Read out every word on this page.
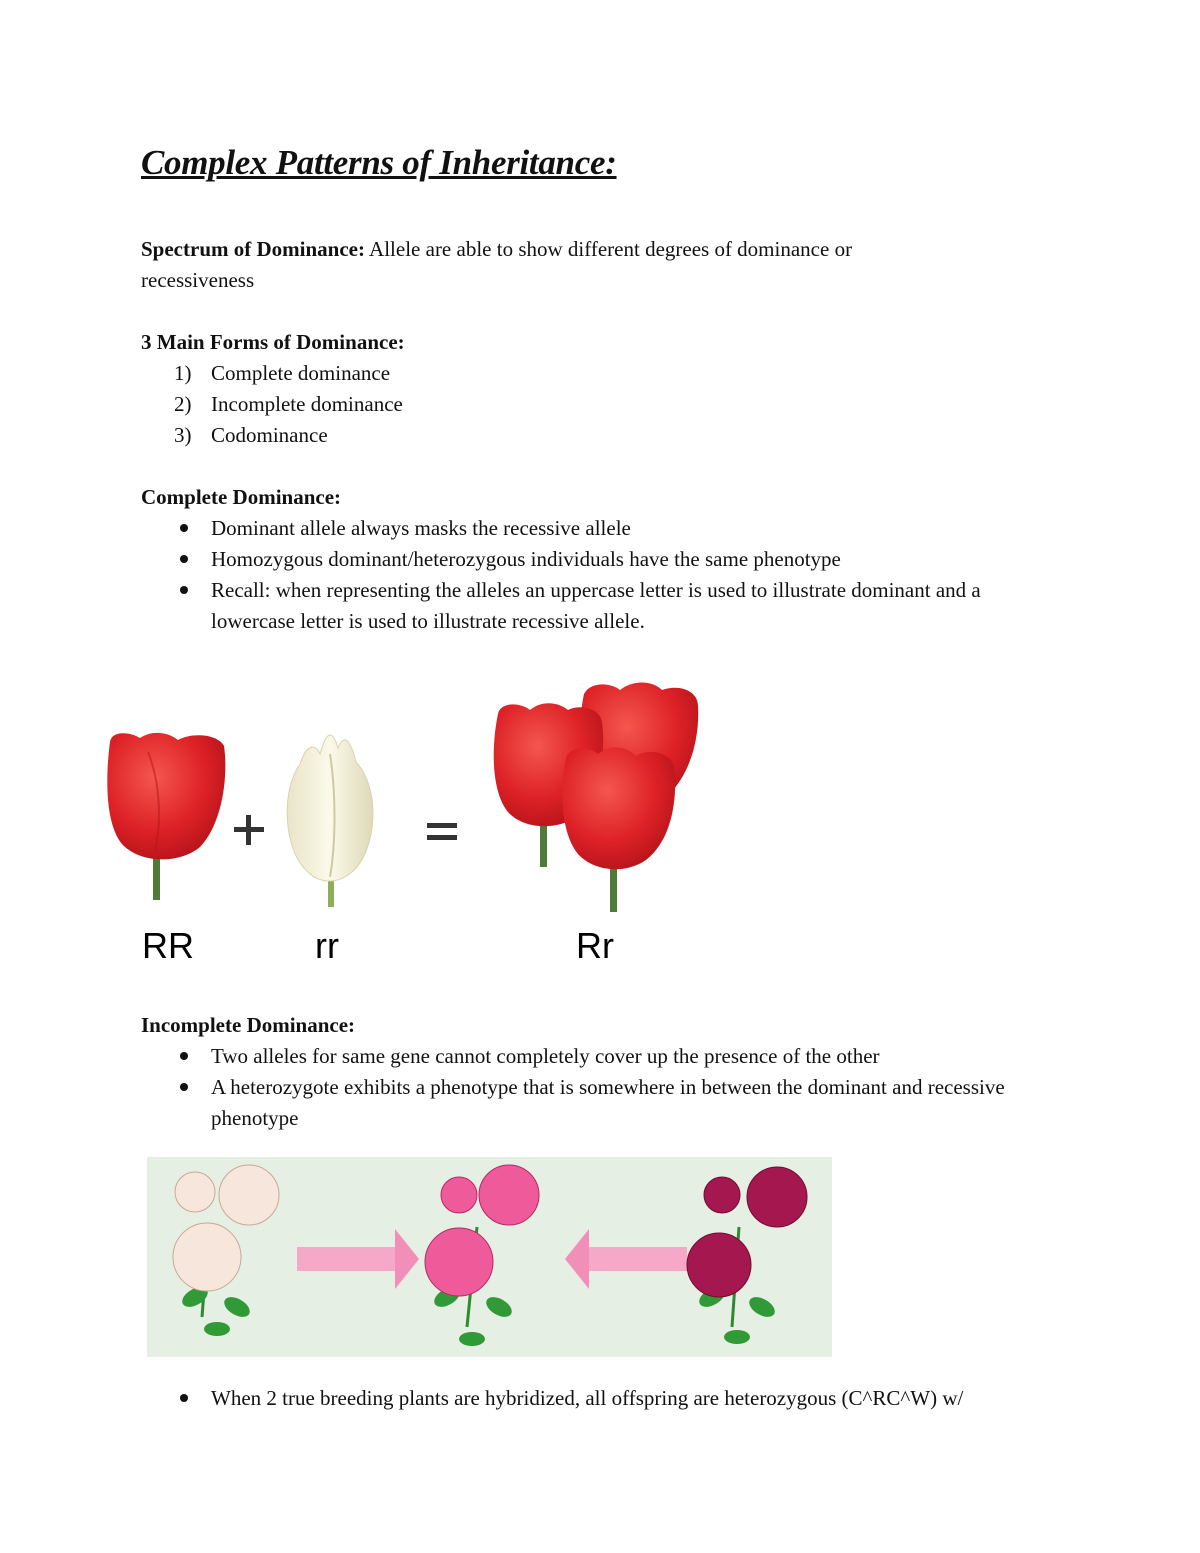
Complex Patterns of Inheritance:
Spectrum of Dominance: Allele are able to show different degrees of dominance or
recessiveness
3 Main Forms of Dominance:
1) Complete dominance
2) Incomplete dominance
3) Codominance
Complete Dominance:
Dominant allele always masks the recessive allele
Homozygous dominant/heterozygous individuals have the same phenotype
Recall: when representing the alleles an uppercase letter is used to illustrate dominant and a lowercase letter is used to illustrate recessive allele.
RR	rr	Rr
Incomplete Dominance:
Two alleles for same gene cannot completely cover up the presence of the other
A heterozygote exhibits a phenotype that is somewhere in between the dominant and recessive phenotype
When 2 true breeding plants are hybridized, all offspring are heterozygous (C^RC^W) w/
